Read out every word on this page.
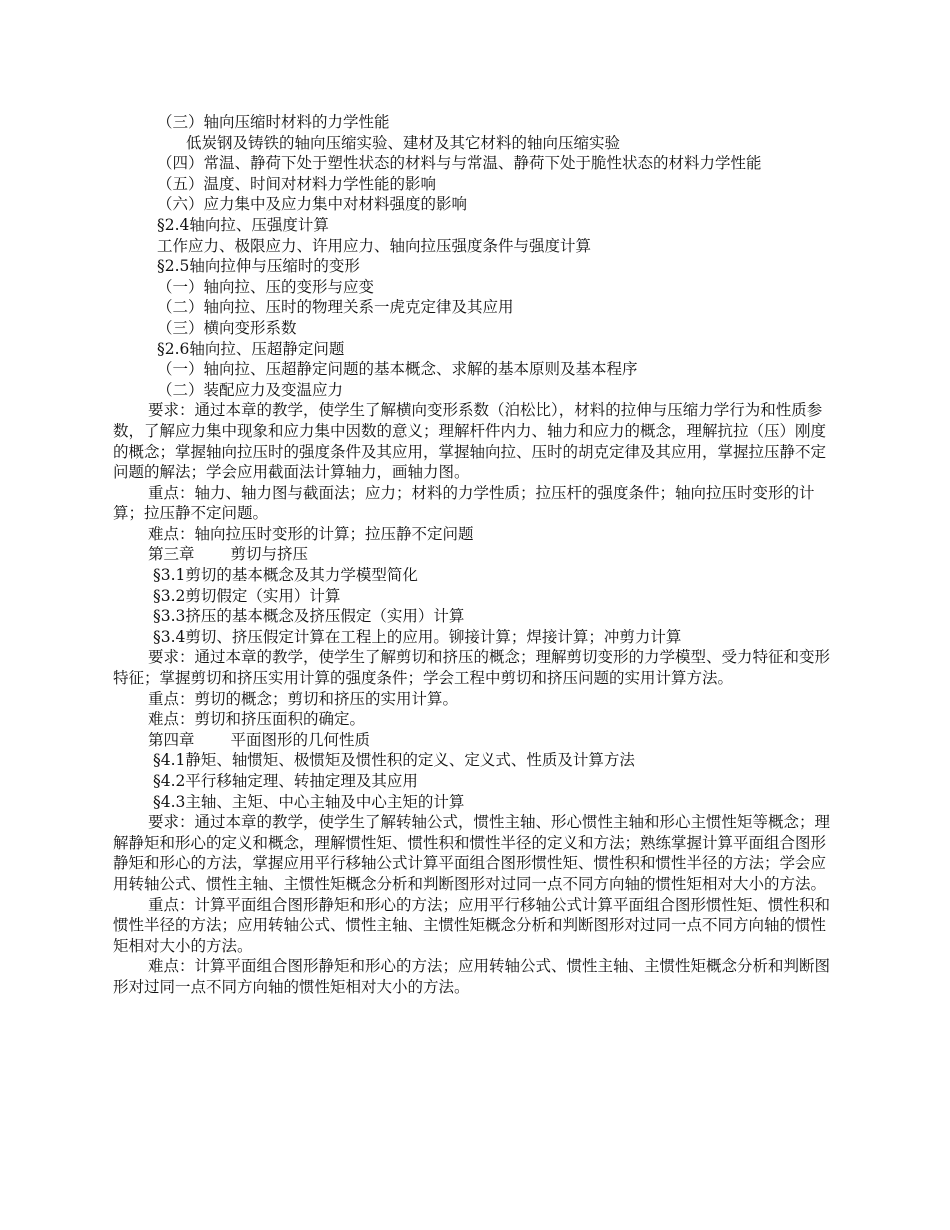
（三）轴向压缩时材料的力学性能

低炭钢及铸铁的轴向压缩实验、建材及其它材料的轴向压缩实验

（四）常温、静荷下处于塑性状态的材料与与常温、静荷下处于脆性状态的材料力学性能

（五）温度、时间对材料力学性能的影响

（六）应力集中及应力集中对材料强度的影响

§2.4轴向拉、压强度计算

工作应力、极限应力、许用应力、轴向拉压强度条件与强度计算

§2.5轴向拉伸与压缩时的变形

（一）轴向拉、压的变形与应变

（二）轴向拉、压时的物理关系一虎克定律及其应用

（三）横向变形系数

§2.6轴向拉、压超静定问题

（一）轴向拉、压超静定问题的基本概念、求解的基本原则及基本程序

（二）装配应力及变温应力

要求：通过本章的教学，使学生了解横向变形系数（泊松比），材料的拉伸与压缩力学行为和性质参数，了解应力集中现象和应力集中因数的意义；理解杆件内力、轴力和应力的概念，理解抗拉（压）刚度的概念；掌握轴向拉压时的强度条件及其应用，掌握轴向拉、压时的胡克定律及其应用，掌握拉压静不定问题的解法；学会应用截面法计算轴力，画轴力图。

重点：轴力、轴力图与截面法；应力；材料的力学性质；拉压杆的强度条件；轴向拉压时变形的计算；拉压静不定问题。

难点：轴向拉压时变形的计算；拉压静不定问题

第三章 剪切与挤压

§3.1剪切的基本概念及其力学模型简化

§3.2剪切假定（实用）计算

§3.3挤压的基本概念及挤压假定（实用）计算

§3.4剪切、挤压假定计算在工程上的应用。铆接计算；焊接计算；冲剪力计算

要求：通过本章的教学，使学生了解剪切和挤压的概念；理解剪切变形的力学模型、受力特征和变形特征；掌握剪切和挤压实用计算的强度条件；学会工程中剪切和挤压问题的实用计算方法。

重点：剪切的概念；剪切和挤压的实用计算。

难点：剪切和挤压面积的确定。

第四章 平面图形的几何性质

§4.1静矩、轴惯矩、极惯矩及惯性积的定义、定义式、性质及计算方法

§4.2平行移轴定理、转抽定理及其应用

§4.3主轴、主矩、中心主轴及中心主矩的计算

要求：通过本章的教学，使学生了解转轴公式，惯性主轴、形心惯性主轴和形心主惯性矩等概念；理解静矩和形心的定义和概念，理解惯性矩、惯性积和惯性半径的定义和方法；熟练掌握计算平面组合图形静矩和形心的方法，掌握应用平行移轴公式计算平面组合图形惯性矩、惯性积和惯性半径的方法；学会应用转轴公式、惯性主轴、主惯性矩概念分析和判断图形对过同一点不同方向轴的惯性矩相对大小的方法。

重点：计算平面组合图形静矩和形心的方法；应用平行移轴公式计算平面组合图形惯性矩、惯性积和惯性半径的方法；应用转轴公式、惯性主轴、主惯性矩概念分析和判断图形对过同一点不同方向轴的惯性矩相对大小的方法。

难点：计算平面组合图形静矩和形心的方法；应用转轴公式、惯性主轴、主惯性矩概念分析和判断图形对过同一点不同方向轴的惯性矩相对大小的方法。
